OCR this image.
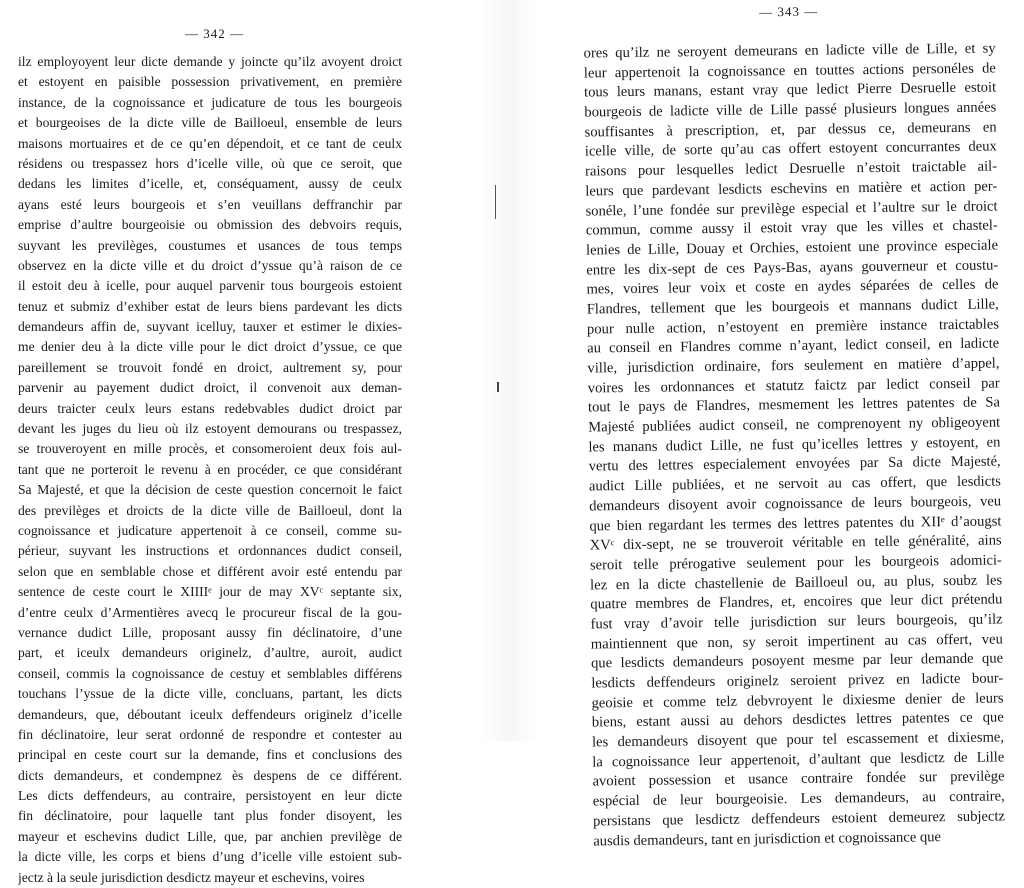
— 342 —
ilz employoyent leur dicte demande y joincte qu’ilz avoyent droict
et estoyent en paisible possession privativement, en première
instance, de la cognoissance et judicature de tous les bourgeois
et bourgeoises de la dicte ville de Bailloeul, ensemble de leurs
maisons mortuaires et de ce qu’en dépendoit, et ce tant de ceulx
résidens ou trespassez hors d’icelle ville, où que ce seroit, que
dedans les limites d’icelle, et, conséquament, aussy de ceulx
ayans esté leurs bourgeois et s’en veuillans deffranchir par
emprise d’aultre bourgeoisie ou obmission des debvoirs requis,
suyvant les previlèges, coustumes et usances de tous temps
observez en la dicte ville et du droict d’yssue qu’à raison de ce
il estoit deu à icelle, pour auquel parvenir tous bourgeois estoient
tenuz et submiz d’exhiber estat de leurs biens pardevant les dicts
demandeurs affin de, suyvant icelluy, tauxer et estimer le dixies-
me denier deu à la dicte ville pour le dict droict d’yssue, ce que
pareillement se trouvoit fondé en droict, aultrement sy, pour
parvenir au payement dudict droict, il convenoit aux deman-
deurs traicter ceulx leurs estans redebvables dudict droict par
devant les juges du lieu où ilz estoyent demourans ou trespassez,
se trouveroyent en mille procès, et consomeroient deux fois aul-
tant que ne porteroit le revenu à en procéder, ce que considérant
Sa Majesté, et que la décision de ceste question concernoit le faict
des previlèges et droicts de la dicte ville de Bailloeul, dont la
cognoissance et judicature appertenoit à ce conseil, comme su-
périeur, suyvant les instructions et ordonnances dudict conseil,
selon que en semblable chose et différent avoir esté entendu par
sentence de ceste court le XIIIIᵉ jour de may XVᶜ septante six,
d’entre ceulx d’Armentières avecq le procureur fiscal de la gou-
vernance dudict Lille, proposant aussy fin déclinatoire, d’une
part, et iceulx demandeurs originelz, d’aultre, auroit, audict
conseil, commis la cognoissance de cestuy et semblables différens
touchans l’yssue de la dicte ville, concluans, partant, les dicts
demandeurs, que, déboutant iceulx deffendeurs originelz d’icelle
fin déclinatoire, leur serat ordonné de respondre et contester au
principal en ceste court sur la demande, fins et conclusions des
dicts demandeurs, et condempnez ès despens de ce différent.
Les dicts deffendeurs, au contraire, persistoyent en leur dicte
fin déclinatoire, pour laquelle tant plus fonder disoyent, les
mayeur et eschevins dudict Lille, que, par anchien previlège de
la dicte ville, les corps et biens d’ung d’icelle ville estoient sub-
jectz à la seule jurisdiction desdictz mayeur et eschevins, voires
— 343 —
ores qu’ilz ne seroyent demeurans en ladicte ville de Lille, et sy
leur appertenoit la cognoissance en touttes actions personéles de
tous leurs manans, estant vray que ledict Pierre Desruelle estoit
bourgeois de ladicte ville de Lille passé plusieurs longues années
souffisantes à prescription, et, par dessus ce, demeurans en
icelle ville, de sorte qu’au cas offert estoyent concurrantes deux
raisons pour lesquelles ledict Desruelle n’estoit traictable ail-
leurs que pardevant lesdicts eschevins en matière et action per-
sonéle, l’une fondée sur previlège especial et l’aultre sur le droict
commun, comme aussy il estoit vray que les villes et chastel-
lenies de Lille, Douay et Orchies, estoient une province especiale
entre les dix-sept de ces Pays-Bas, ayans gouverneur et coustu-
mes, voires leur voix et coste en aydes séparées de celles de
Flandres, tellement que les bourgeois et mannans dudict Lille,
pour nulle action, n’estoyent en première instance traictables
au conseil en Flandres comme n’ayant, ledict conseil, en ladicte
ville, jurisdiction ordinaire, fors seulement en matière d’appel,
voires les ordonnances et statutz faictz par ledict conseil par
tout le pays de Flandres, mesmement les lettres patentes de Sa
Majesté publiées audict conseil, ne comprenoyent ny obligeoyent
les manans dudict Lille, ne fust qu’icelles lettres y estoyent, en
vertu des lettres especialement envoyées par Sa dicte Majesté,
audict Lille publiées, et ne servoit au cas offert, que lesdicts
demandeurs disoyent avoir cognoissance de leurs bourgeois, veu
que bien regardant les termes des lettres patentes du XIIᵉ d’aougst
XVᶜ dix-sept, ne se trouveroit véritable en telle généralité, ains
seroit telle prérogative seulement pour les bourgeois adomici-
lez en la dicte chastellenie de Bailloeul ou, au plus, soubz les
quatre membres de Flandres, et, encoires que leur dict prétendu
fust vray d’avoir telle jurisdiction sur leurs bourgeois, qu’ilz
maintiennent que non, sy seroit impertinent au cas offert, veu
que lesdicts demandeurs posoyent mesme par leur demande que
lesdicts deffendeurs originelz seroient privez en ladicte bour-
geoisie et comme telz debvroyent le dixiesme denier de leurs
biens, estant aussi au dehors desdictes lettres patentes ce que
les demandeurs disoyent que pour tel escassement et dixiesme,
la cognoissance leur appertenoit, d’aultant que lesdictz de Lille
avoient possession et usance contraire fondée sur previlège
espécial de leur bourgeoisie. Les demandeurs, au contraire,
persistans que lesdictz deffendeurs estoient demeurez subjectz
ausdis demandeurs, tant en jurisdiction et cognoissance que
